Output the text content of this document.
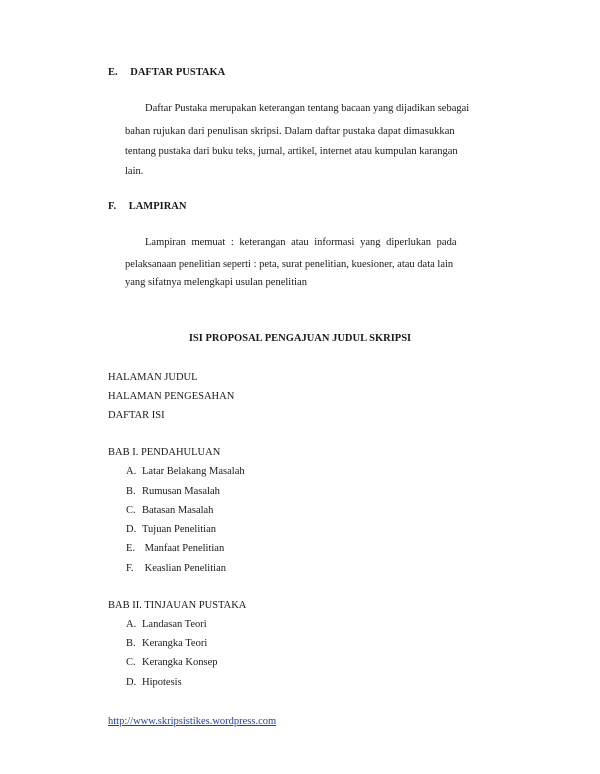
E. DAFTAR PUSTAKA
Daftar Pustaka merupakan keterangan tentang bacaan yang dijadikan sebagai
bahan rujukan dari penulisan skripsi. Dalam daftar pustaka dapat dimasukkan
tentang pustaka dari buku teks, jurnal, artikel, internet atau kumpulan karangan
lain.
F. LAMPIRAN
Lampiran memuat : keterangan atau informasi yang diperlukan pada
pelaksanaan penelitian seperti : peta, surat penelitian, kuesioner, atau data lain
yang sifatnya melengkapi usulan penelitian
ISI PROPOSAL PENGAJUAN JUDUL SKRIPSI
HALAMAN JUDUL
HALAMAN PENGESAHAN
DAFTAR ISI
BAB I. PENDAHULUAN
A. Latar Belakang Masalah
B. Rumusan Masalah
C. Batasan Masalah
D. Tujuan Penelitian
E. Manfaat Penelitian
F. Keaslian Penelitian
BAB II. TINJAUAN PUSTAKA
A. Landasan Teori
B. Kerangka Teori
C. Kerangka Konsep
D. Hipotesis
http://www.skripsistikes.wordpress.com
